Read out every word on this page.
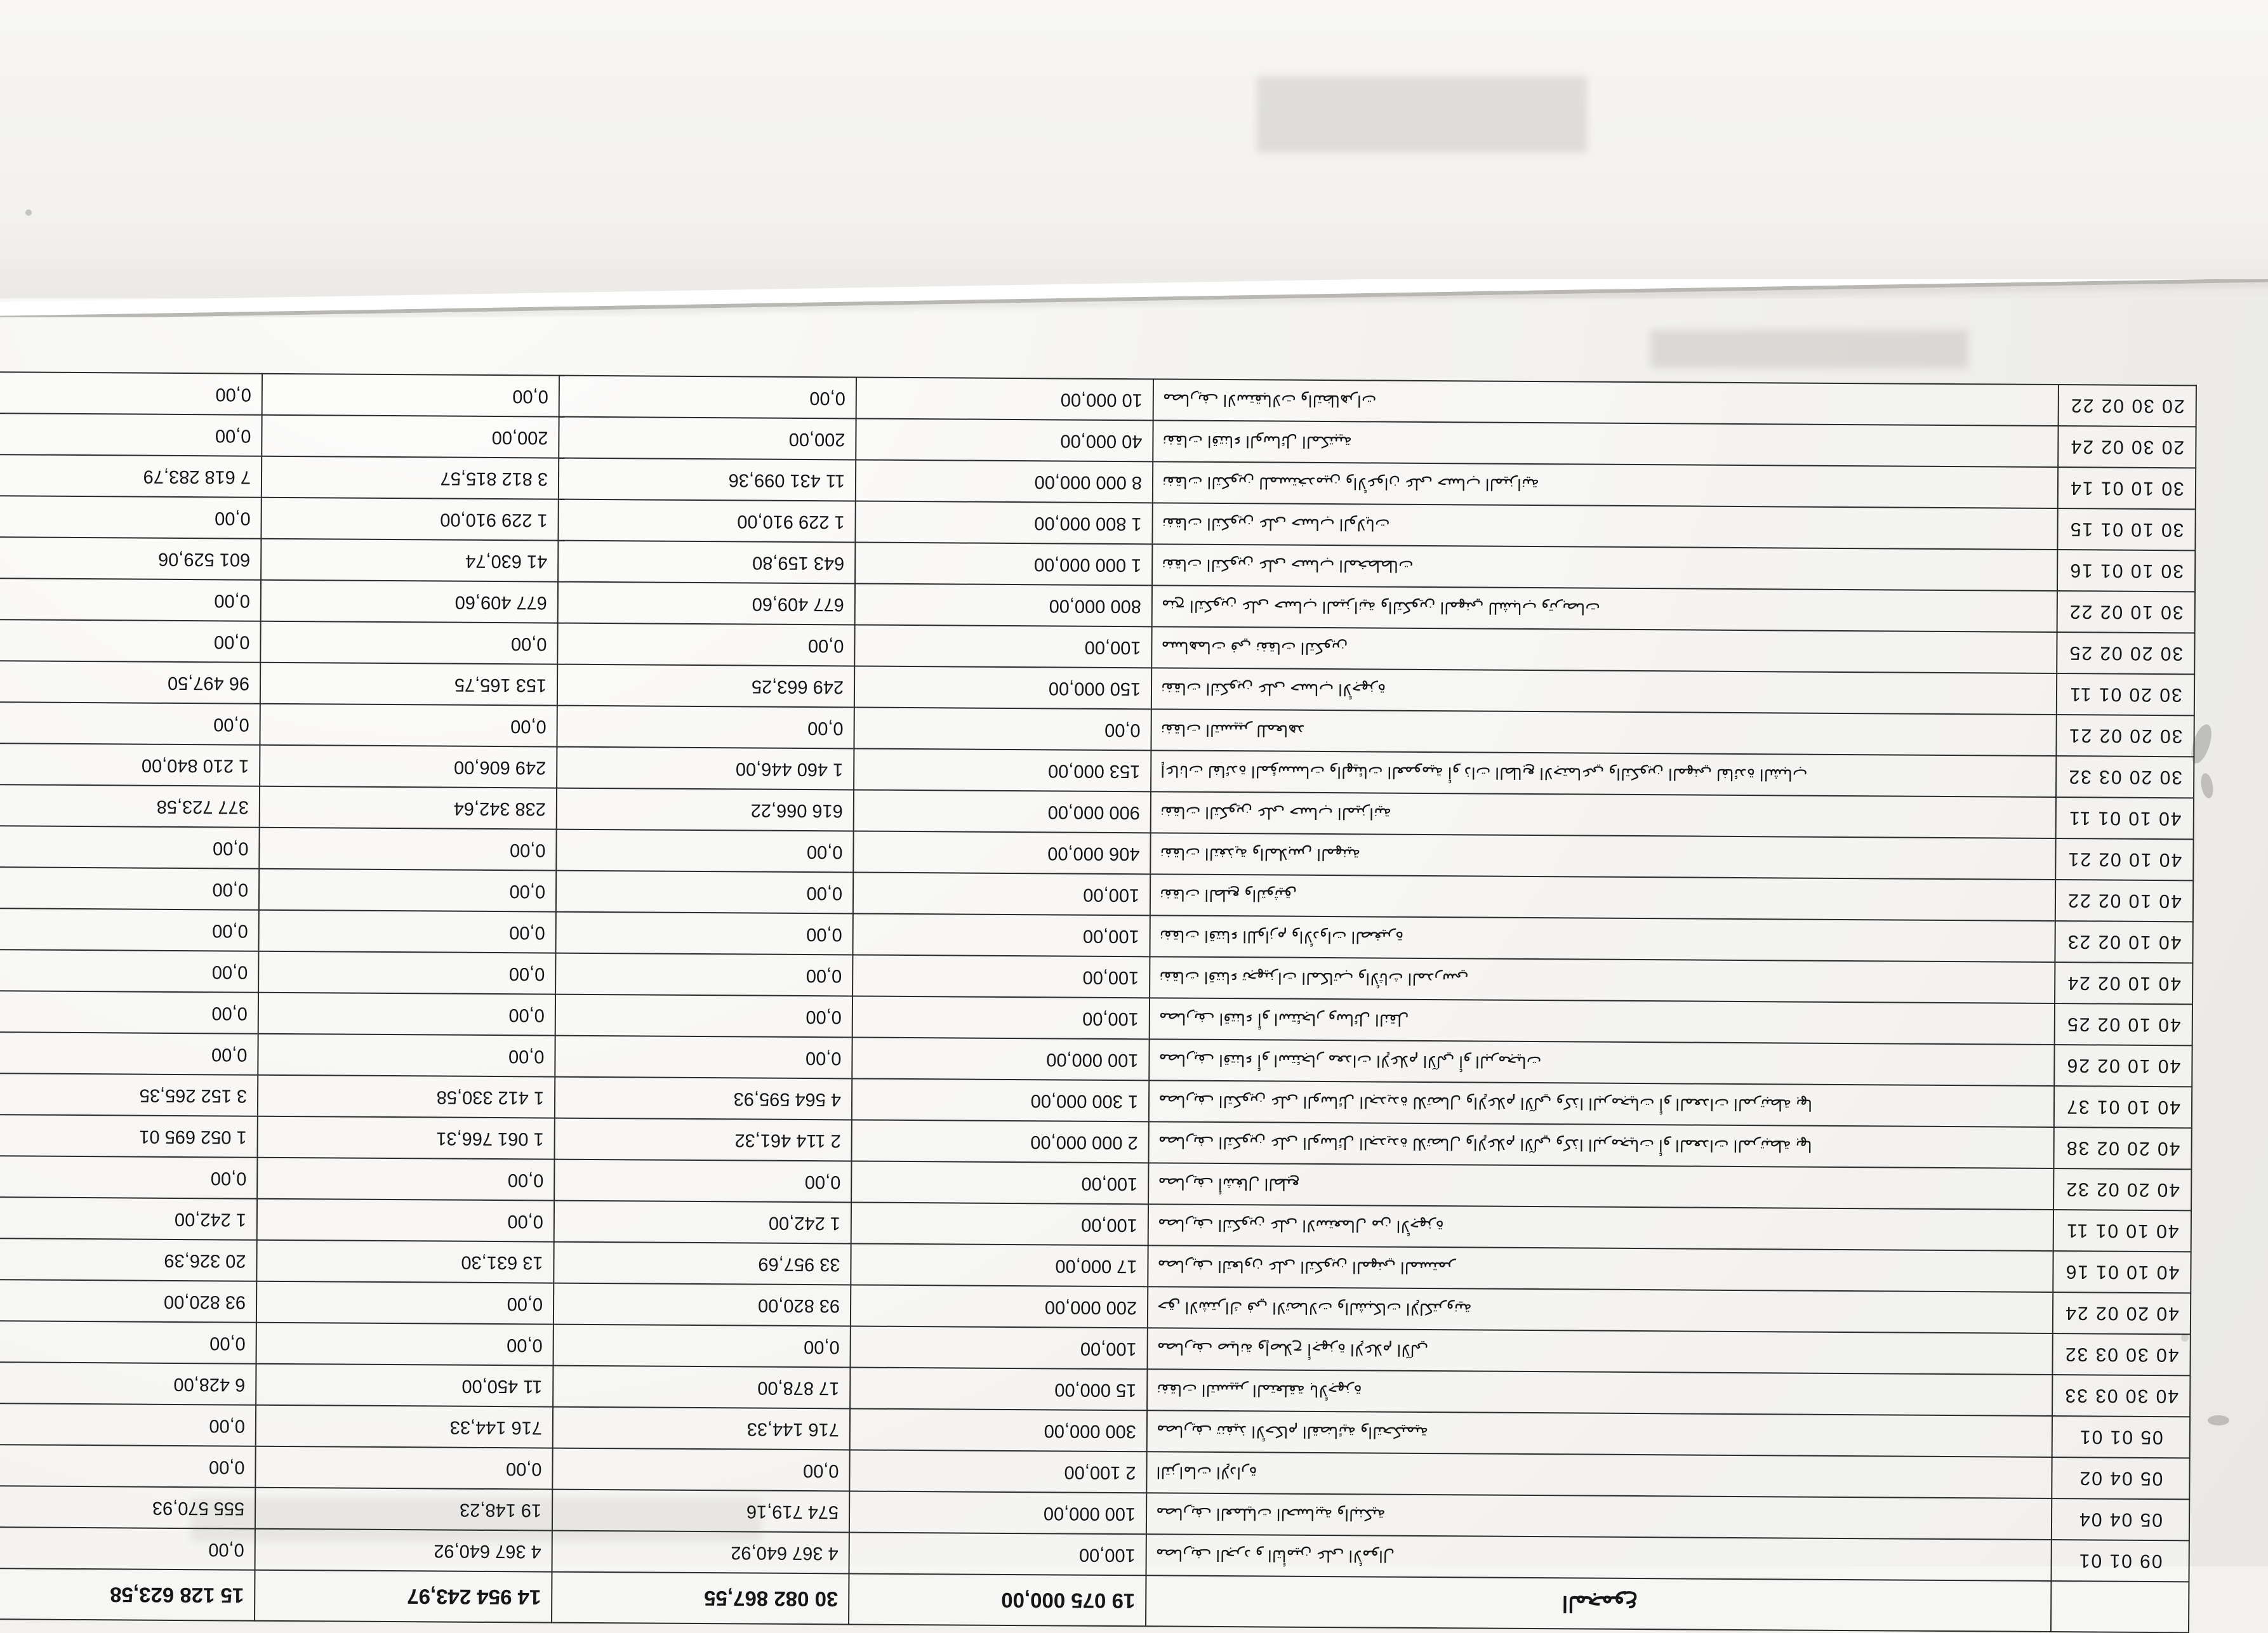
	المجموع	19 075 000,00	30 082 867,55	14 954 243,97	15 128 623,58
09 01 01	مصاريف الجرد و التأمين على الأموال	100,00	4 367 640,92	4 367 640,92	0,00
05 04 04	مصاريف العمليات الحسابية والبنكية	100 000,00	574 719,16	19 148,23	555 570,93
05 04 02	التزامات الإدارة	2 100,00	0,00	0,00	0,00
05 01 01	مصاريف تنفيذ الأحكام القضائية والتحكيمية	300 000,00	716 144,33	716 144,33	0,00
40 30 03 33	نفقات التسيير المتعلقة بالأجهزة	15 000,00	17 878,00	11 450,00	6 428,00
40 30 03 32	مصاريف صيانة وإصلاح أجهزة الإعلام الآلي	100,00	0,00	0,00	0,00
40 20 02 24	حق الاشتراك في الاتصالات والشبكات الإلكترونية	200 000,00	93 820,00	0,00	93 820,00
40 10 01 16	مصاريف التعاون على التكوين المهني المستمر	17 000,00	33 957,69	13 631,30	20 326,39
40 10 01 11	مصاريف التكوين على الاستعمال من الأجهزة	100,00	1 242,00	0,00	1 242,00
40 20 02 32	مصاريف أشغال الطبع	100,00	0,00	0,00	0,00
40 20 02 38	مصاريف التكوين على الوسائل الجديدة للاتصال والإعلام الآلي وكذا البرمجيات أو المعدات المرتبطة بها	2 000 000,00	2 114 461,32	1 061 766,31	1 052 695 01
40 10 01 37	مصاريف التكوين على الوسائل الجديدة للاتصال والإعلام الآلي وكذا البرمجيات أو المعدات المرتبطة بها	1 300 000,00	4 564 595,93	1 412 330,58	3 152 265,35
40 10 02 26	مصاريف اقتناء أو استئجار معدات الإعلام الآلي أو البرمجيات	100 000,00	0,00	0,00	0,00
40 10 02 25	مصاريف اقتناء أو استئجار وسائل النقل	100,00	0,00	0,00	0,00
40 10 02 24	نفقات اقتناء تجهيزات المكاتب والأثاث المدرسي	100,00	0,00	0,00	0,00
40 10 02 23	نفقات اقتناء اللوازم والأدوات الصغيرة	100,00	0,00	0,00	0,00
40 10 02 22	نفقات الطبع والتوثيق	100,00	0,00	0,00	0,00
40 10 02 21	نفقات التغذية والملابس المهنية	406 000,00	0,00	0,00	0,00
40 10 01 11	نفقات التكوين على حساب الميزانية	900 000,00	616 066,22	238 342,64	377 723,58
30 20 03 32	إعانات لفائدة المؤسسات والهيئات العمومية أو ذات الطابع الاجتماعي والتكوين المهني لفائدة الشباب	153 000,00	1 460 446,00	249 606,00	1 210 840,00
30 20 02 21	نفقات التسيير للمعاهد	0,00	0,00	0,00	0,00
30 20 01 11	نفقات التكوين على حساب الأجهزة	150 000,00	249 663,25	153 165,75	96 497,50
30 20 02 25	مساهمات في نفقات التكوين	100,00	0,00	0,00	0,00
30 10 02 22	منح التكوين على حساب الميزانية والتكوين المهني للشباب وتربصات	800 000,00	677 409,60	677 409,60	0,00
30 10 01 16	نفقات التكوين على حساب المخططات	1 000 000,00	643 159,80	41 630,74	601 529,06
30 10 01 15	نفقات التكوين على حساب الولايات	1 800 000,00	1 229 910,00	1 229 910,00	0,00
30 10 01 14	نفقات التكوين للمستخدمين والأعوان على حساب الميزانية	8 000 000,00	11 431 099,36	3 812 815,57	7 618 283,79
20 30 02 24	نفقات اقتناء الوسائل المكتبية	40 000,00	200,00	200,00	0,00
20 30 02 22	مصاريف الاستقبالات والتظاهرات	10 000,00	0,00	0,00	0,00
